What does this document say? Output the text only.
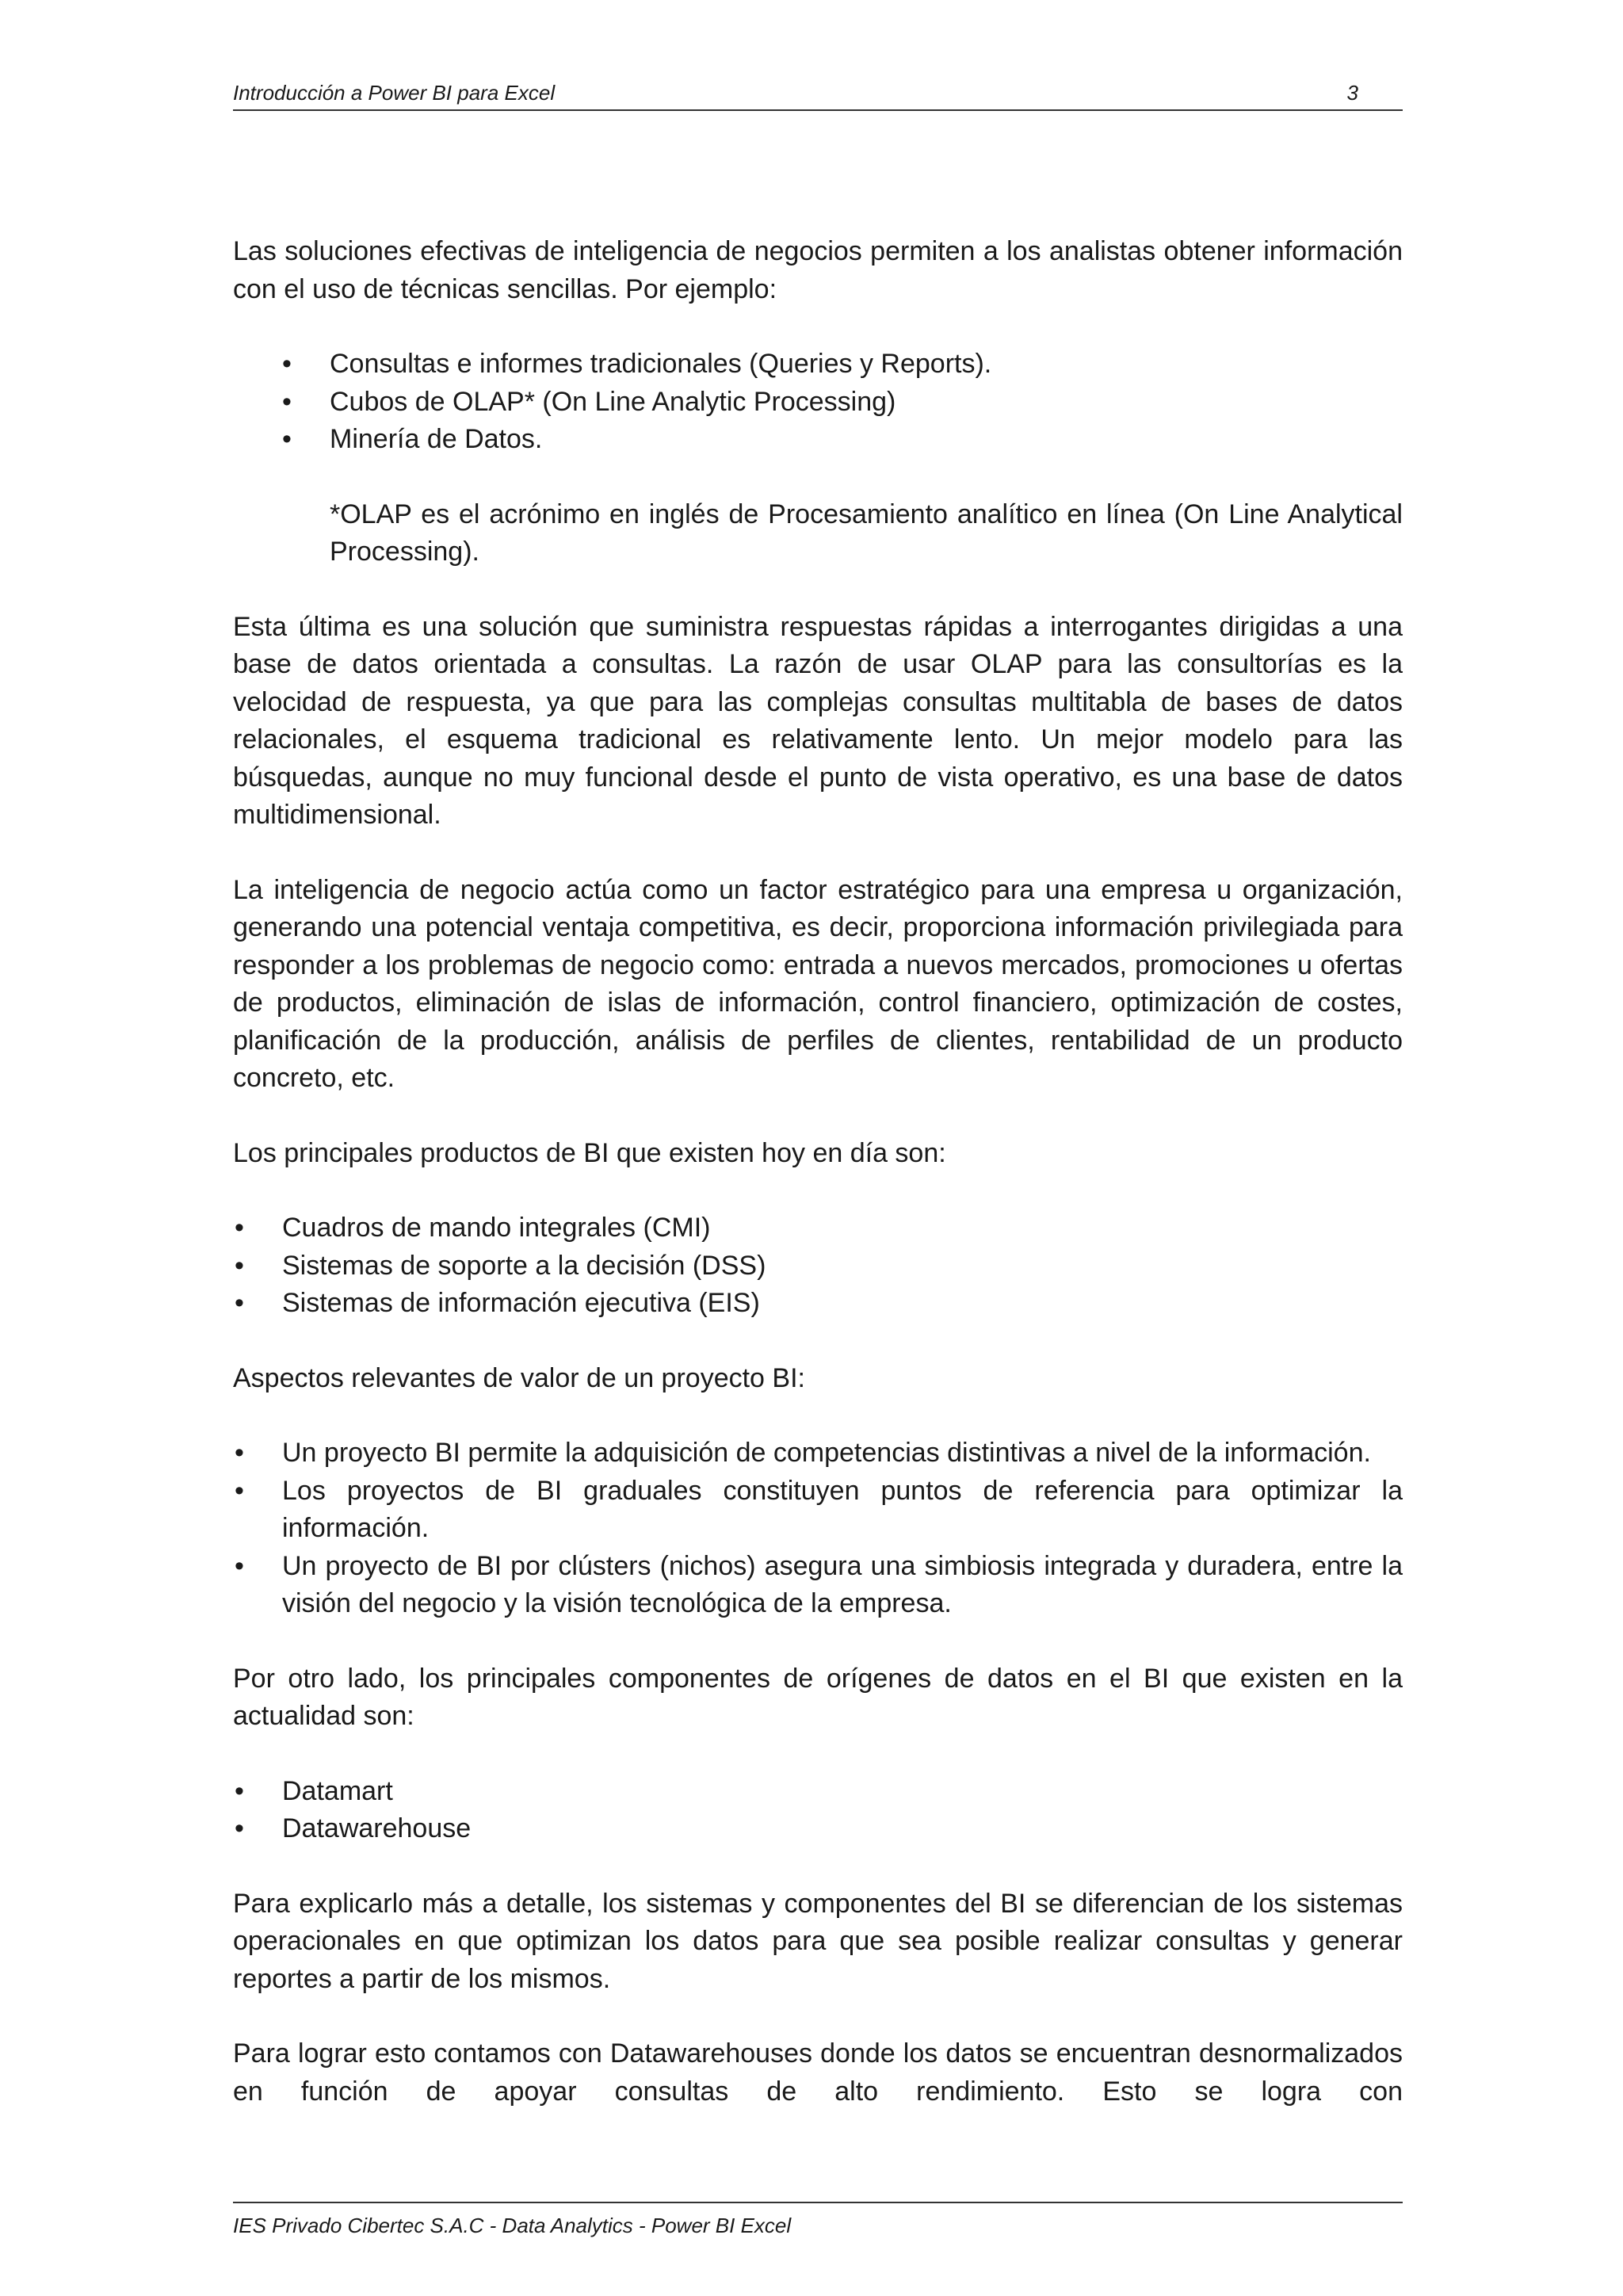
Introducción a Power BI para Excel	3

Las soluciones efectivas de inteligencia de negocios permiten a los analistas obtener información con el uso de técnicas sencillas. Por ejemplo:

• Consultas e informes tradicionales (Queries y Reports).
• Cubos de OLAP* (On Line Analytic Processing)
• Minería de Datos.

*OLAP es el acrónimo en inglés de Procesamiento analítico en línea (On Line Analytical Processing).

Esta última es una solución que suministra respuestas rápidas a interrogantes dirigidas a una base de datos orientada a consultas. La razón de usar OLAP para las consultorías es la velocidad de respuesta, ya que para las complejas consultas multitabla de bases de datos relacionales, el esquema tradicional es relativamente lento. Un mejor modelo para las búsquedas, aunque no muy funcional desde el punto de vista operativo, es una base de datos multidimensional.

La inteligencia de negocio actúa como un factor estratégico para una empresa u organización, generando una potencial ventaja competitiva, es decir, proporciona información privilegiada para responder a los problemas de negocio como: entrada a nuevos mercados, promociones u ofertas de productos, eliminación de islas de información, control financiero, optimización de costes, planificación de la producción, análisis de perfiles de clientes, rentabilidad de un producto concreto, etc.

Los principales productos de BI que existen hoy en día son:

• Cuadros de mando integrales (CMI)
• Sistemas de soporte a la decisión (DSS)
• Sistemas de información ejecutiva (EIS)

Aspectos relevantes de valor de un proyecto BI:

• Un proyecto BI permite la adquisición de competencias distintivas a nivel de la información.
• Los proyectos de BI graduales constituyen puntos de referencia para optimizar la información.
• Un proyecto de BI por clústers (nichos) asegura una simbiosis integrada y duradera, entre la visión del negocio y la visión tecnológica de la empresa.

Por otro lado, los principales componentes de orígenes de datos en el BI que existen en la actualidad son:

• Datamart
• Datawarehouse

Para explicarlo más a detalle, los sistemas y componentes del BI se diferencian de los sistemas operacionales en que optimizan los datos para que sea posible realizar consultas y generar reportes a partir de los mismos.

Para lograr esto contamos con Datawarehouses donde los datos se encuentran desnormalizados en función de apoyar consultas de alto rendimiento. Esto se logra con

IES Privado Cibertec S.A.C - Data Analytics - Power BI Excel
